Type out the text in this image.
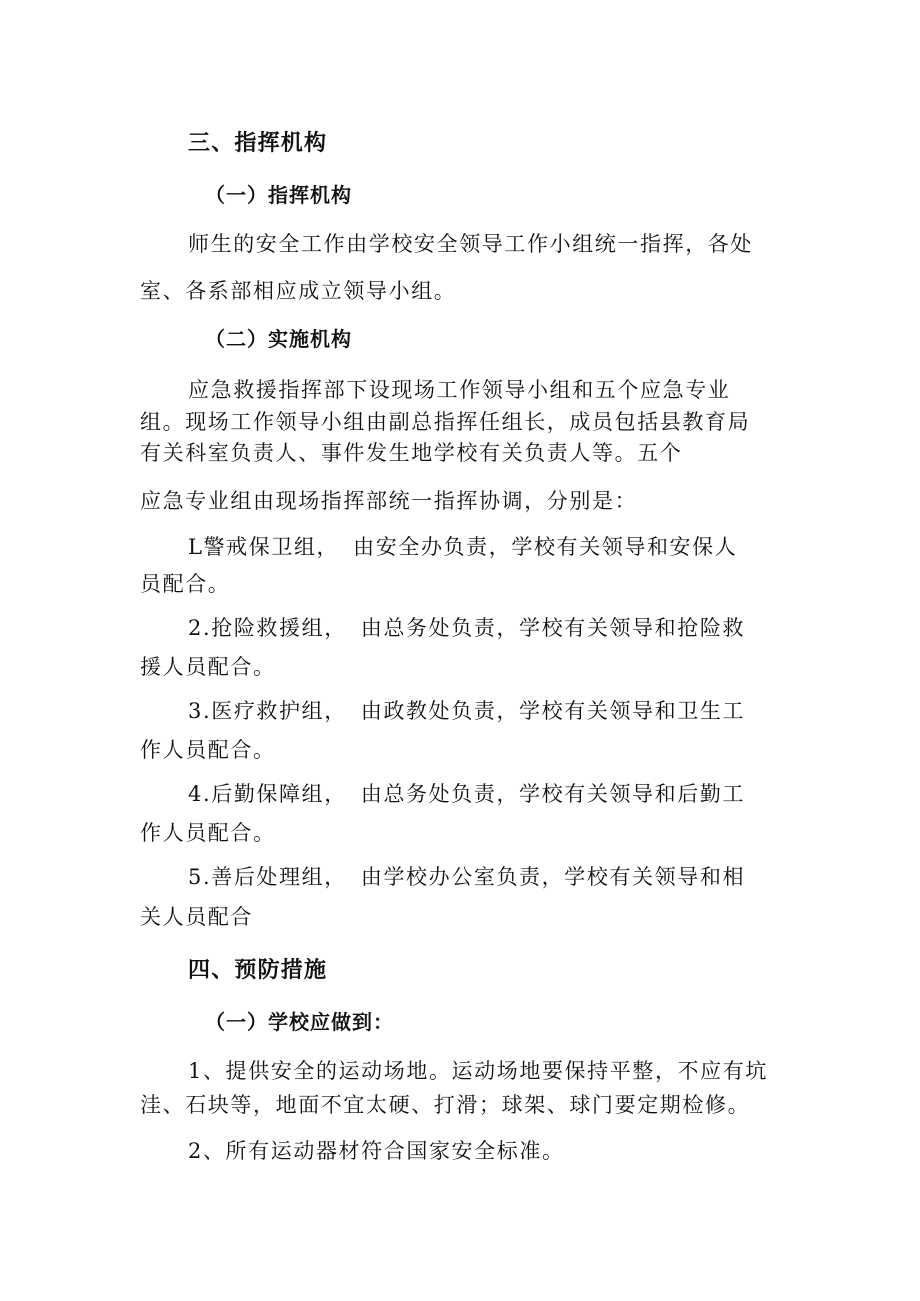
三、指挥机构
（一）指挥机构
师生的安全工作由学校安全领导工作小组统一指挥，各处
室、各系部相应成立领导小组。
（二）实施机构
应急救援指挥部下设现场工作领导小组和五个应急专业
组。现场工作领导小组由副总指挥任组长，成员包括县教育局
有关科室负责人、事件发生地学校有关负责人等。五个
应急专业组由现场指挥部统一指挥协调，分别是：
L警戒保卫组， 由安全办负责，学校有关领导和安保人
员配合。
2.抢险救援组， 由总务处负责，学校有关领导和抢险救
援人员配合。
3.医疗救护组， 由政教处负责，学校有关领导和卫生工
作人员配合。
4.后勤保障组， 由总务处负责，学校有关领导和后勤工
作人员配合。
5.善后处理组， 由学校办公室负责，学校有关领导和相
关人员配合
四、预防措施
（一）学校应做到：
1、提供安全的运动场地。运动场地要保持平整，不应有坑
洼、石块等，地面不宜太硬、打滑；球架、球门要定期检修。
2、所有运动器材符合国家安全标准。
